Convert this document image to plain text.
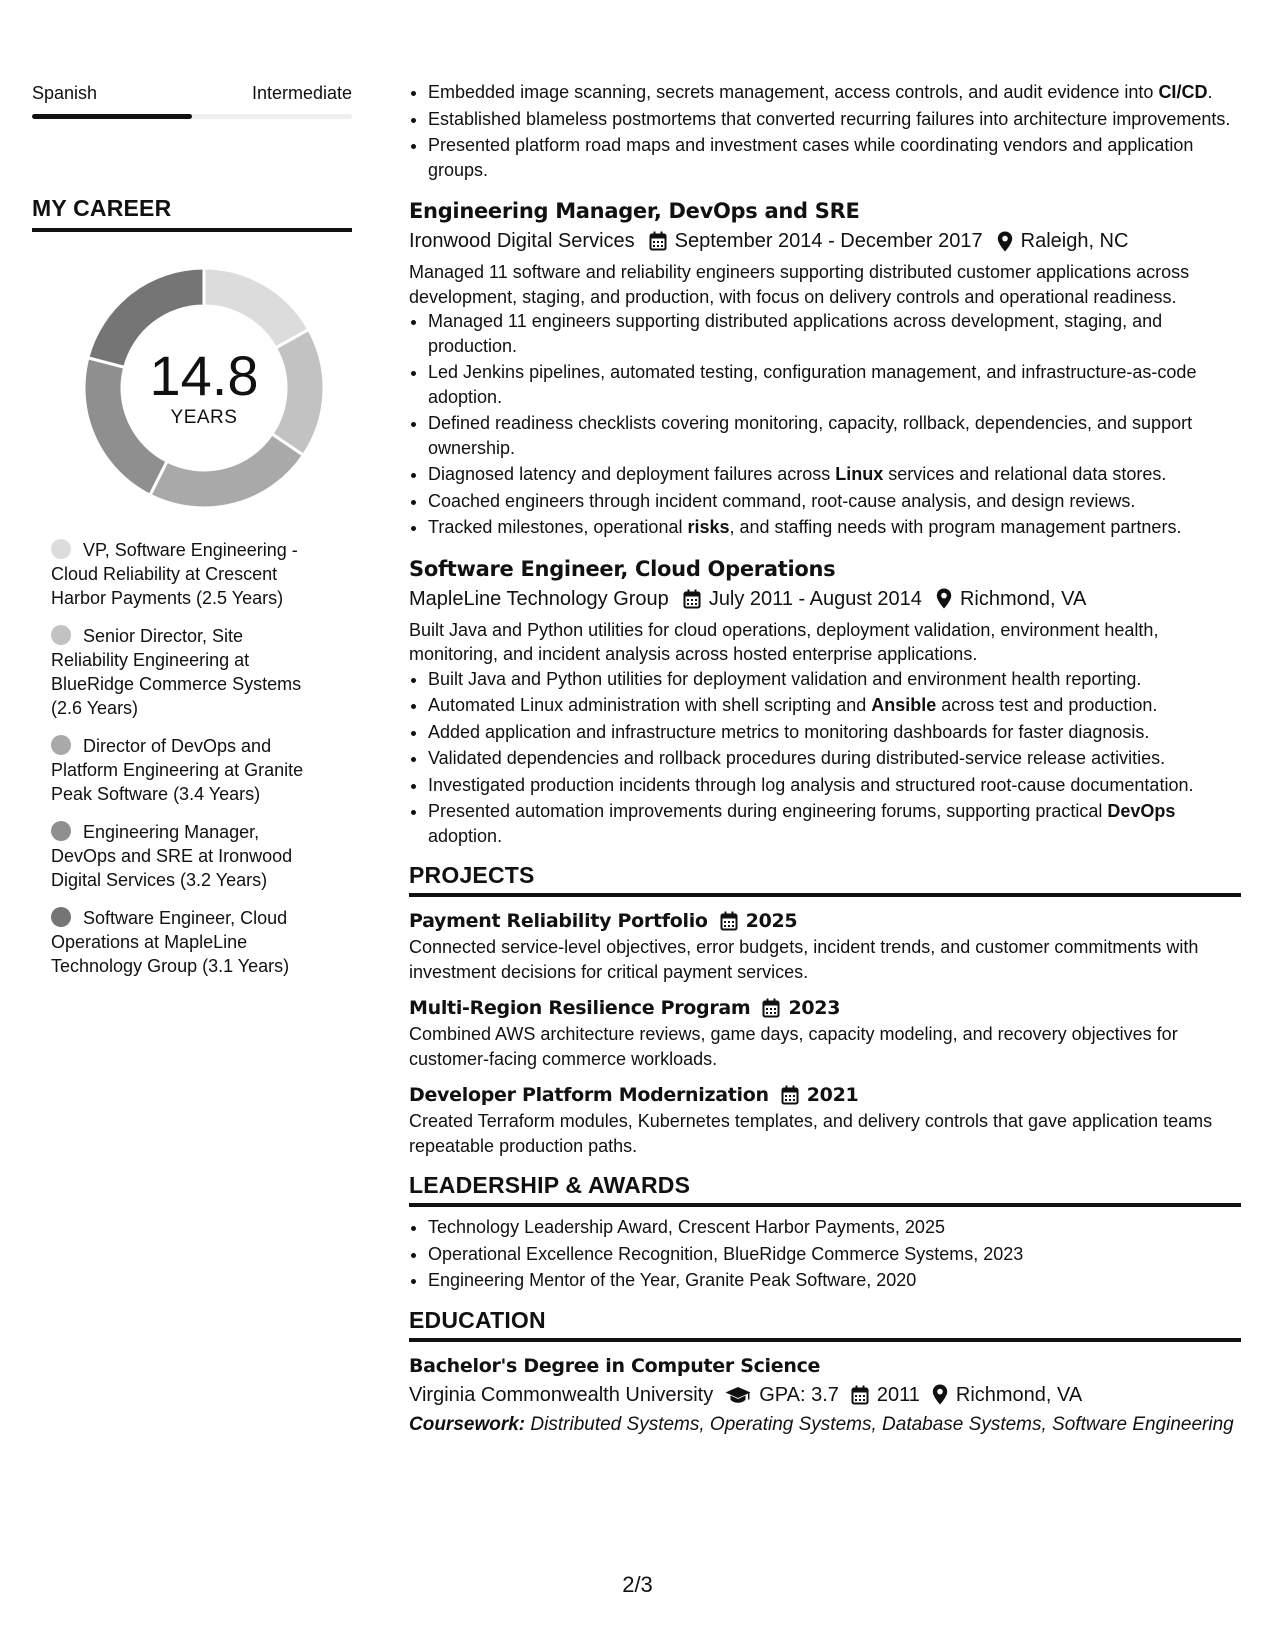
Spanish	Intermediate
MY CAREER
14.8
YEARS
VP, Software Engineering - Cloud Reliability at Crescent Harbor Payments (2.5 Years)
Senior Director, Site Reliability Engineering at BlueRidge Commerce Systems (2.6 Years)
Director of DevOps and Platform Engineering at Granite Peak Software (3.4 Years)
Engineering Manager, DevOps and SRE at Ironwood Digital Services (3.2 Years)
Software Engineer, Cloud Operations at MapleLine Technology Group (3.1 Years)
• Embedded image scanning, secrets management, access controls, and audit evidence into CI/CD.
• Established blameless postmortems that converted recurring failures into architecture improvements.
• Presented platform road maps and investment cases while coordinating vendors and application groups.
Engineering Manager, DevOps and SRE
Ironwood Digital Services September 2014 - December 2017 Raleigh, NC
Managed 11 software and reliability engineers supporting distributed customer applications across development, staging, and production, with focus on delivery controls and operational readiness.
• Managed 11 engineers supporting distributed applications across development, staging, and production.
• Led Jenkins pipelines, automated testing, configuration management, and infrastructure-as-code adoption.
• Defined readiness checklists covering monitoring, capacity, rollback, dependencies, and support ownership.
• Diagnosed latency and deployment failures across Linux services and relational data stores.
• Coached engineers through incident command, root-cause analysis, and design reviews.
• Tracked milestones, operational risks, and staffing needs with program management partners.
Software Engineer, Cloud Operations
MapleLine Technology Group July 2011 - August 2014 Richmond, VA
Built Java and Python utilities for cloud operations, deployment validation, environment health, monitoring, and incident analysis across hosted enterprise applications.
• Built Java and Python utilities for deployment validation and environment health reporting.
• Automated Linux administration with shell scripting and Ansible across test and production.
• Added application and infrastructure metrics to monitoring dashboards for faster diagnosis.
• Validated dependencies and rollback procedures during distributed-service release activities.
• Investigated production incidents through log analysis and structured root-cause documentation.
• Presented automation improvements during engineering forums, supporting practical DevOps adoption.
PROJECTS
Payment Reliability Portfolio 2025
Connected service-level objectives, error budgets, incident trends, and customer commitments with investment decisions for critical payment services.
Multi-Region Resilience Program 2023
Combined AWS architecture reviews, game days, capacity modeling, and recovery objectives for customer-facing commerce workloads.
Developer Platform Modernization 2021
Created Terraform modules, Kubernetes templates, and delivery controls that gave application teams repeatable production paths.
LEADERSHIP & AWARDS
• Technology Leadership Award, Crescent Harbor Payments, 2025
• Operational Excellence Recognition, BlueRidge Commerce Systems, 2023
• Engineering Mentor of the Year, Granite Peak Software, 2020
EDUCATION
Bachelor's Degree in Computer Science
Virginia Commonwealth University GPA: 3.7 2011 Richmond, VA
Coursework: Distributed Systems, Operating Systems, Database Systems, Software Engineering
2/3
